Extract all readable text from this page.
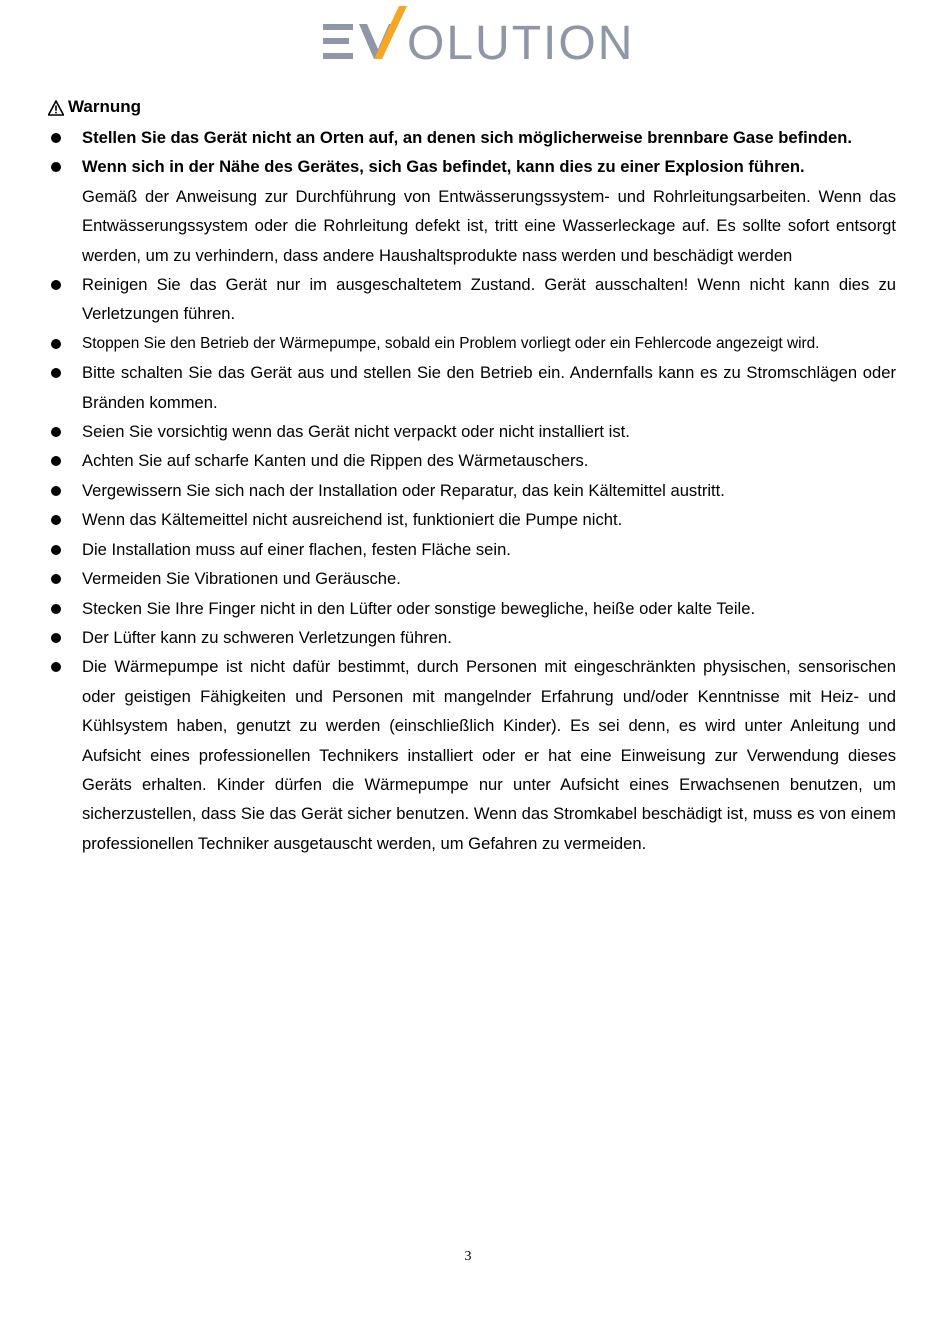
OLUTION
Warnung
Stellen Sie das Gerät nicht an Orten auf, an denen sich möglicherweise brennbare Gase befinden.
Wenn sich in der Nähe des Gerätes, sich Gas befindet, kann dies zu einer Explosion führen.
Gemäß der Anweisung zur Durchführung von Entwässerungssystem- und Rohrleitungsarbeiten. Wenn das Entwässerungssystem oder die Rohrleitung defekt ist, tritt eine Wasserleckage auf. Es sollte sofort entsorgt werden, um zu verhindern, dass andere Haushaltsprodukte nass werden und beschädigt werden
Reinigen Sie das Gerät nur im ausgeschaltetem Zustand. Gerät ausschalten! Wenn nicht kann dies zu Verletzungen führen.
Stoppen Sie den Betrieb der Wärmepumpe, sobald ein Problem vorliegt oder ein Fehlercode angezeigt wird.
Bitte schalten Sie das Gerät aus und stellen Sie den Betrieb ein. Andernfalls kann es zu Stromschlägen oder Bränden kommen.
Seien Sie vorsichtig wenn das Gerät nicht verpackt oder nicht installiert ist.
Achten Sie auf scharfe Kanten und die Rippen des Wärmetauschers.
Vergewissern Sie sich nach der Installation oder Reparatur, das kein Kältemittel austritt.
Wenn das Kältemeittel nicht ausreichend ist, funktioniert die Pumpe nicht.
Die Installation muss auf einer flachen, festen Fläche sein.
Vermeiden Sie Vibrationen und Geräusche.
Stecken Sie Ihre Finger nicht in den Lüfter oder sonstige bewegliche, heiße oder kalte Teile.
Der Lüfter kann zu schweren Verletzungen führen.
Die Wärmepumpe ist nicht dafür bestimmt, durch Personen mit eingeschränkten physischen, sensorischen oder geistigen Fähigkeiten und Personen mit mangelnder Erfahrung und/oder Kenntnisse mit Heiz- und Kühlsystem haben, genutzt zu werden (einschließlich Kinder). Es sei denn, es wird unter Anleitung und Aufsicht eines professionellen Technikers installiert oder er hat eine Einweisung zur Verwendung dieses Geräts erhalten. Kinder dürfen die Wärmepumpe nur unter Aufsicht eines Erwachsenen benutzen, um sicherzustellen, dass Sie das Gerät sicher benutzen. Wenn das Stromkabel beschädigt ist, muss es von einem professionellen Techniker ausgetauscht werden, um Gefahren zu vermeiden.
3
